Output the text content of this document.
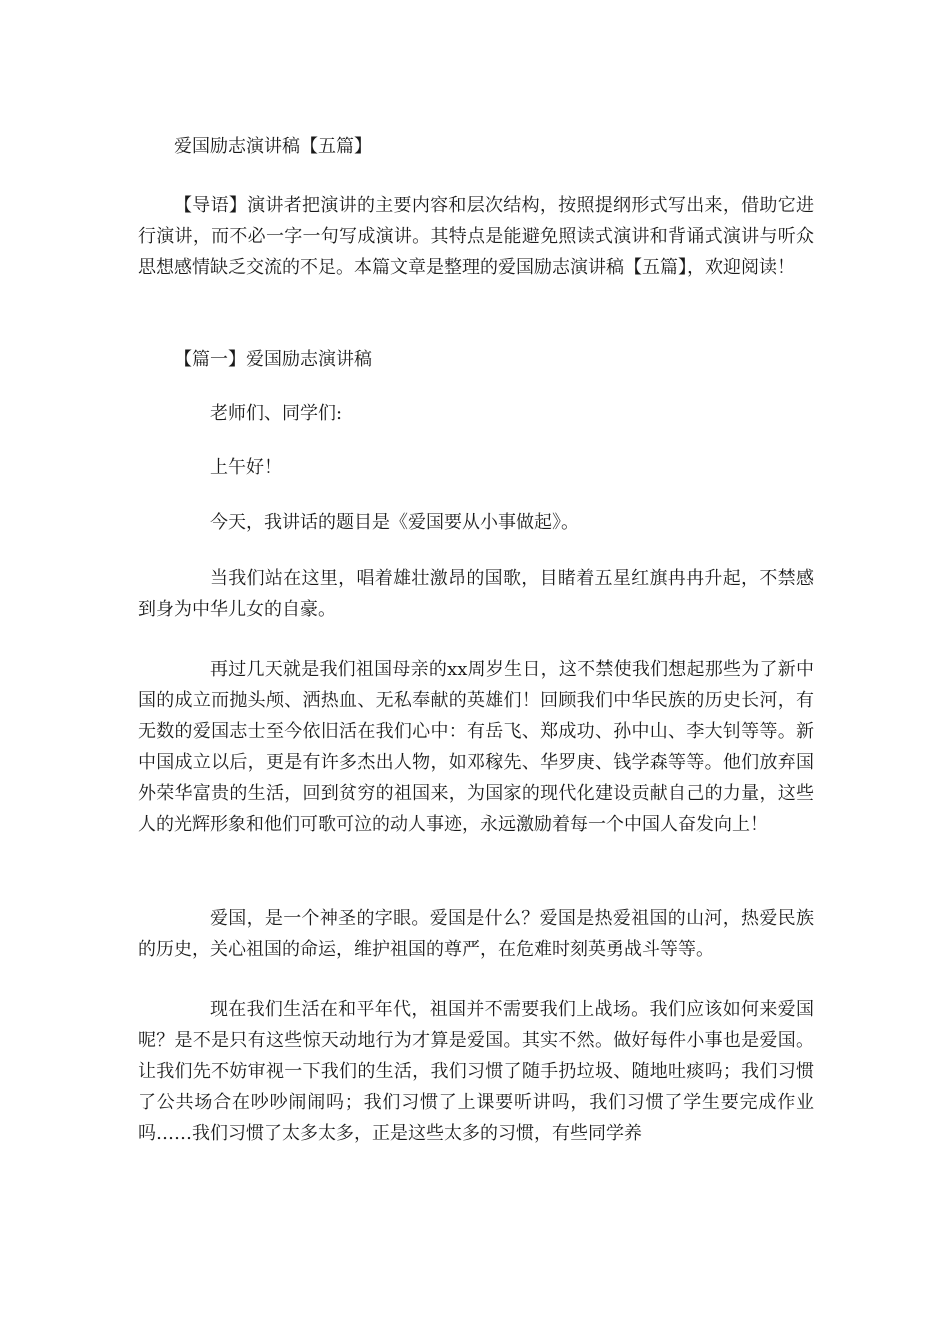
爱国励志演讲稿【五篇】

【导语】演讲者把演讲的主要内容和层次结构，按照提纲形式写出来，借助它进行演讲，而不必一字一句写成演讲。其特点是能避免照读式演讲和背诵式演讲与听众思想感情缺乏交流的不足。本篇文章是整理的爱国励志演讲稿【五篇】，欢迎阅读！

【篇一】爱国励志演讲稿

老师们、同学们:

上午好！

今天，我讲话的题目是《爱国要从小事做起》。

当我们站在这里，唱着雄壮激昂的国歌，目睹着五星红旗冉冉升起，不禁感到身为中华儿女的自豪。

再过几天就是我们祖国母亲的xx周岁生日，这不禁使我们想起那些为了新中国的成立而抛头颅、洒热血、无私奉献的英雄们！回顾我们中华民族的历史长河，有无数的爱国志士至今依旧活在我们心中：有岳飞、郑成功、孙中山、李大钊等等。新中国成立以后，更是有许多杰出人物，如邓稼先、华罗庚、钱学森等等。他们放弃国外荣华富贵的生活，回到贫穷的祖国来，为国家的现代化建设贡献自己的力量，这些人的光辉形象和他们可歌可泣的动人事迹，永远激励着每一个中国人奋发向上！

爱国，是一个神圣的字眼。爱国是什么？爱国是热爱祖国的山河，热爱民族的历史，关心祖国的命运，维护祖国的尊严，在危难时刻英勇战斗等等。

现在我们生活在和平年代，祖国并不需要我们上战场。我们应该如何来爱国呢？是不是只有这些惊天动地行为才算是爱国。其实不然。做好每件小事也是爱国。让我们先不妨审视一下我们的生活，我们习惯了随手扔垃圾、随地吐痰吗；我们习惯了公共场合在吵吵闹闹吗；我们习惯了上课要听讲吗，我们习惯了学生要完成作业吗……我们习惯了太多太多，正是这些太多的习惯，有些同学养
